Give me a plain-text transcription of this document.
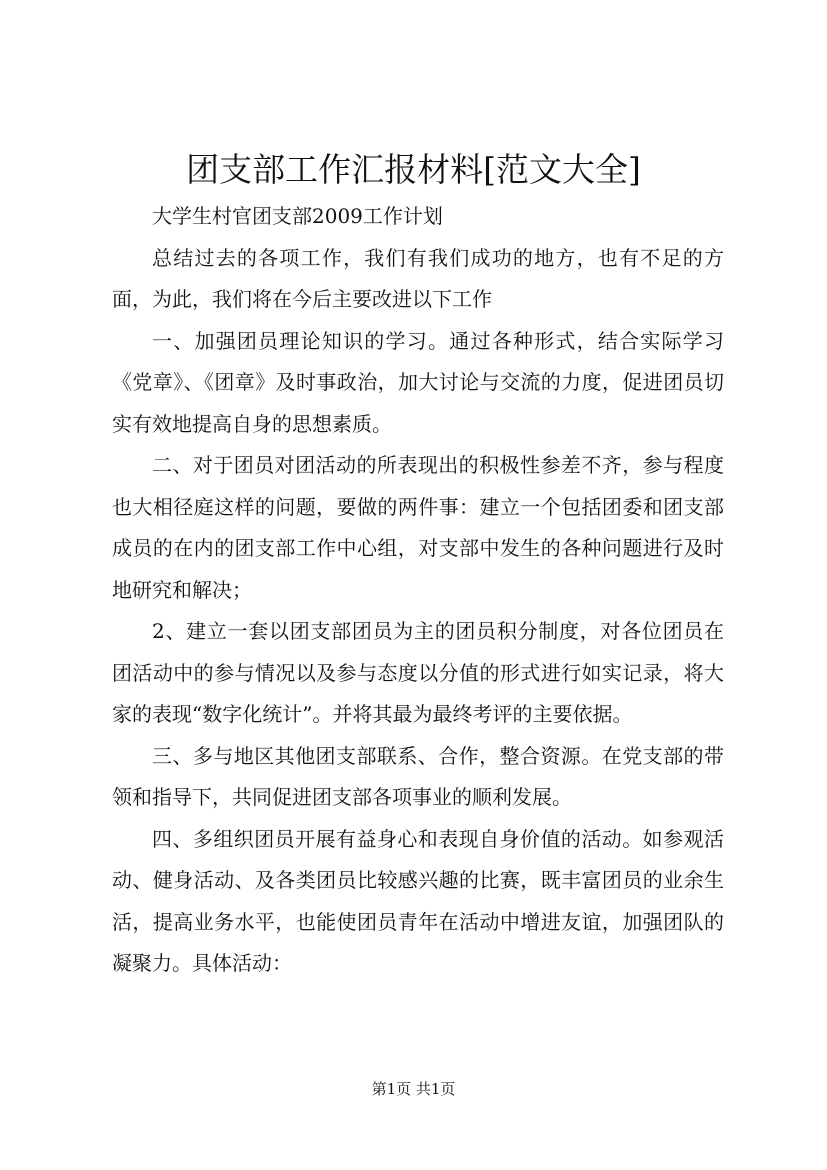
团支部工作汇报材料[范文大全]

大学生村官团支部2009工作计划

总结过去的各项工作，我们有我们成功的地方，也有不足的方面，为此，我们将在今后主要改进以下工作

一、加强团员理论知识的学习。通过各种形式，结合实际学习《党章》、《团章》及时事政治，加大讨论与交流的力度，促进团员切实有效地提高自身的思想素质。

二、对于团员对团活动的所表现出的积极性参差不齐，参与程度也大相径庭这样的问题，要做的两件事：建立一个包括团委和团支部成员的在内的团支部工作中心组，对支部中发生的各种问题进行及时地研究和解决；

2、建立一套以团支部团员为主的团员积分制度，对各位团员在团活动中的参与情况以及参与态度以分值的形式进行如实记录，将大家的表现“数字化统计”。并将其最为最终考评的主要依据。

三、多与地区其他团支部联系、合作，整合资源。在党支部的带领和指导下，共同促进团支部各项事业的顺利发展。

四、多组织团员开展有益身心和表现自身价值的活动。如参观活动、健身活动、及各类团员比较感兴趣的比赛，既丰富团员的业余生活，提高业务水平，也能使团员青年在活动中增进友谊，加强团队的凝聚力。具体活动：

第1页 共1页
